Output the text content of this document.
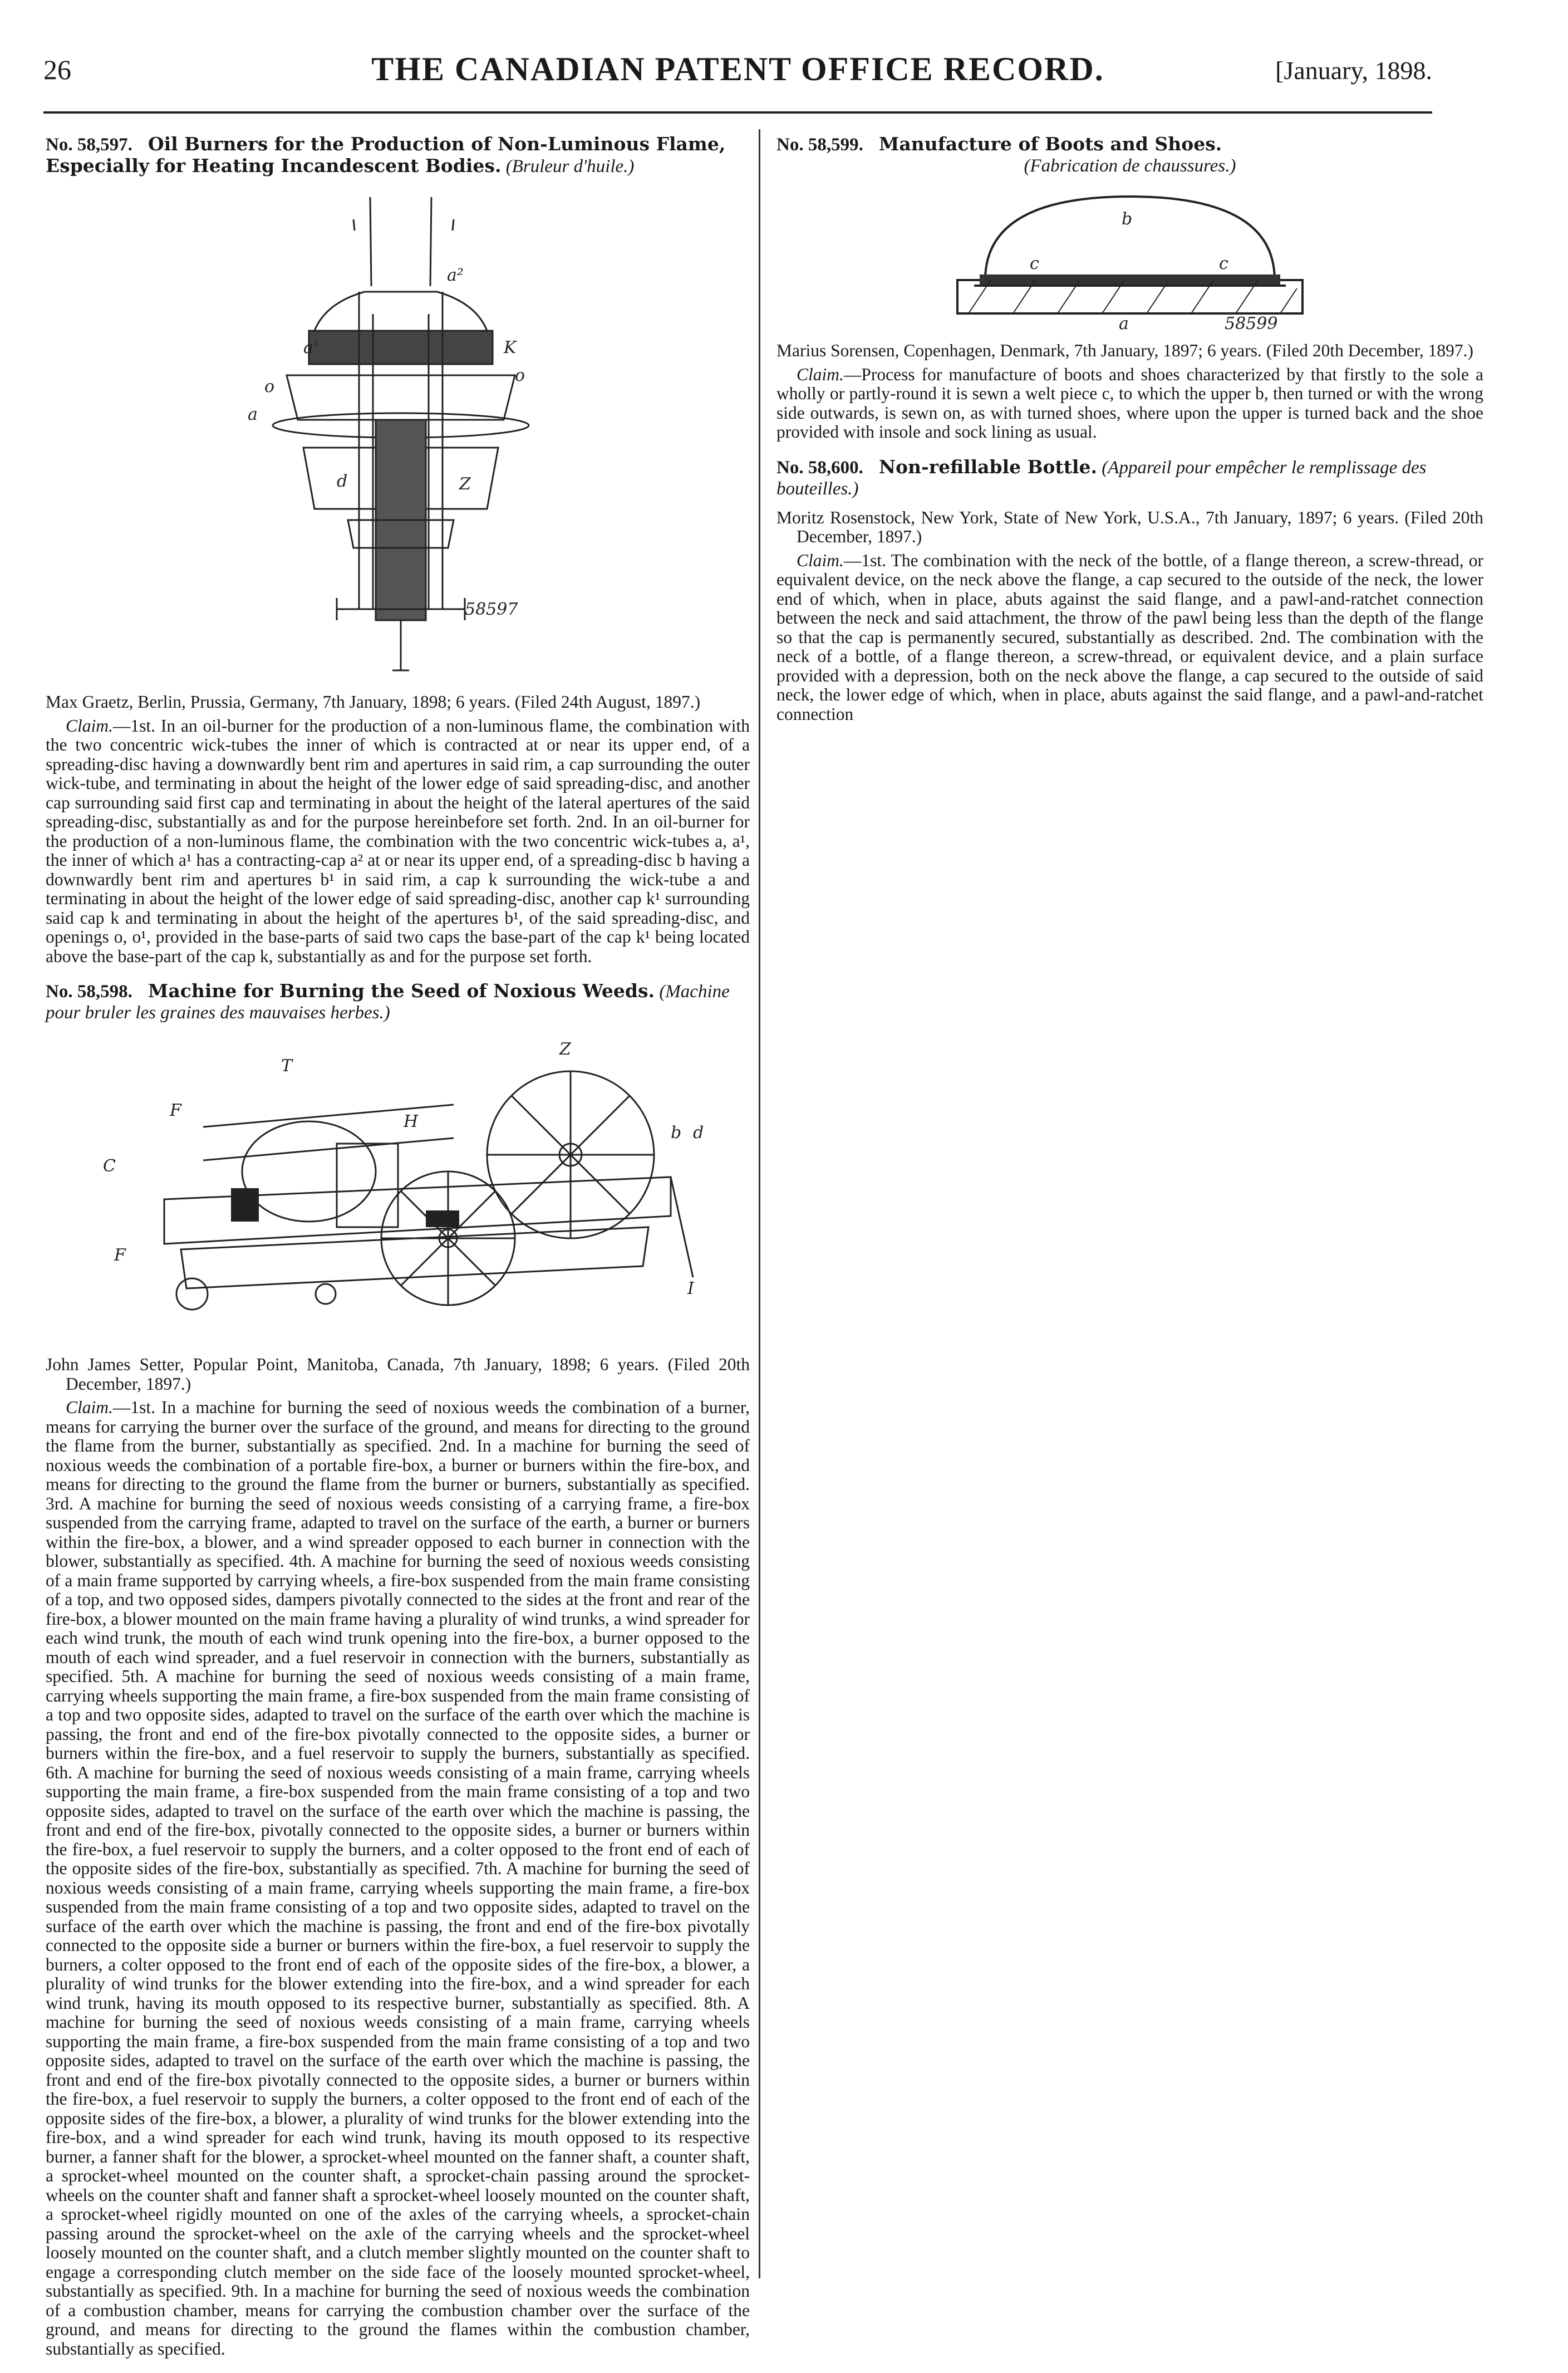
26	THE CANADIAN PATENT OFFICE RECORD.	[January, 1898.
No. 58,597. Oil Burners for the Production of Non-Luminous Flame, Especially for Heating Incandescent Bodies. (Bruleur d'huile.)
a²
K
o
a
d	Z
o
a'
58597
Max Graetz, Berlin, Prussia, Germany, 7th January, 1898; 6 years. (Filed 24th August, 1897.)

Claim.—1st. In an oil-burner for the production of a non-luminous flame, the combination with the two concentric wick-tubes the inner of which is contracted at or near its upper end, of a spreading-disc having a downwardly bent rim and apertures in said rim, a cap surrounding the outer wick-tube, and terminating in about the height of the lower edge of said spreading-disc, and another cap surrounding said first cap and terminating in about the height of the lateral apertures of the said spreading-disc, substantially as and for the purpose hereinbefore set forth. 2nd. In an oil-burner for the production of a non-luminous flame, the combination with the two concentric wick-tubes a, a¹, the inner of which a¹ has a contracting-cap a² at or near its upper end, of a spreading-disc b having a downwardly bent rim and apertures b¹ in said rim, a cap k surrounding the wick-tube a and terminating in about the height of the lower edge of said spreading-disc, another cap k¹ surrounding said cap k and terminating in about the height of the apertures b¹, of the said spreading-disc, and openings o, o¹, provided in the base-parts of said two caps the base-part of the cap k¹ being located above the base-part of the cap k, substantially as and for the purpose set forth.

No. 58,598. Machine for Burning the Seed of Noxious Weeds. (Machine pour bruler les graines des mauvaises herbes.)
T
F
C
Z
b d
F
H
I
John James Setter, Popular Point, Manitoba, Canada, 7th January, 1898; 6 years. (Filed 20th December, 1897.)

Claim.—1st. In a machine for burning the seed of noxious weeds the combination of a burner, means for carrying the burner over the surface of the ground, and means for directing to the ground the flame from the burner, substantially as specified. 2nd. In a machine for burning the seed of noxious weeds the combination of a portable fire-box, a burner or burners within the fire-box, and means for directing to the ground the flame from the burner or burners, substantially as specified. 3rd. A machine for burning the seed of noxious weeds consisting of a carrying frame, a fire-box suspended from the carrying frame, adapted to travel on the surface of the earth, a burner or burners within the fire-box, a blower, and a wind spreader opposed to each burner in connection with the blower, substantially as specified. 4th. A machine for burning the seed of noxious weeds consisting of a main frame supported by carrying wheels, a fire-box suspended from the main frame consisting of a top, and two opposed sides, dampers pivotally connected to the sides at the front and rear of the fire-box, a blower mounted on the main frame having a plurality of wind trunks, a wind spreader for each wind trunk, the mouth of each wind trunk opening into the fire-box, a burner opposed to the mouth of each wind spreader, and a fuel reservoir in connection with the burners, substantially as specified. 5th. A machine for burning the seed of noxious weeds consisting of a main frame, carrying wheels supporting the main frame, a fire-box suspended from the main frame consisting of a top and two opposite sides, adapted to travel on the surface of the earth over which the machine is passing, the front and end of the fire-box pivotally connected to the opposite sides, a burner or burners within the fire-box, and a fuel reservoir to supply the burners, substantially as specified. 6th. A machine for burning the seed of noxious weeds consisting of a main frame, carrying wheels supporting the main frame, a fire-box suspended from the main frame consisting of a top and two opposite sides, adapted to travel on the surface of the earth over which the machine is passing, the front and end of the fire-box, pivotally connected to the opposite sides, a burner or burners within the fire-box, a fuel reservoir to supply the burners, and a colter opposed to the front end of each of the opposite sides of the fire-box, substantially as specified. 7th. A machine for burning the seed of noxious weeds consisting of a main frame, carrying wheels supporting the main frame, a fire-box suspended from the main frame consisting of a top and two opposite sides, adapted to travel on the surface of the earth over which the machine is passing, the front and end of the fire-box pivotally connected to the opposite side a burner or burners within the fire-box, a fuel reservoir to supply the burners, a colter opposed to the front end of each of the opposite sides of the fire-box, a blower, a plurality of wind trunks for the blower extending into the fire-box, and a wind spreader for each wind trunk, having its mouth opposed to its respective burner, substantially as specified. 8th. A machine for burning the seed of noxious weeds consisting of a main frame, carrying wheels supporting the main frame, a fire-box suspended from the main frame consisting of a top and two opposite sides, adapted to travel on the surface of the earth over which the machine is passing, the front and end of the fire-box pivotally connected to the opposite sides, a burner or burners within the fire-box, a fuel reservoir to supply the burners, a colter opposed to the front end of each of the opposite sides of the fire-box, a blower, a plurality of wind trunks for the blower extending into the fire-box, and a wind spreader for each wind trunk, having its mouth opposed to its respective burner, a fanner shaft for the blower, a sprocket-wheel mounted on the fanner shaft, a counter shaft, a sprocket-wheel mounted on the counter shaft, a sprocket-chain passing around the sprocket-wheels on the counter shaft and fanner shaft a sprocket-wheel loosely mounted on the counter shaft, a sprocket-wheel rigidly mounted on one of the axles of the carrying wheels, a sprocket-chain passing around the sprocket-wheel on the axle of the carrying wheels and the sprocket-wheel loosely mounted on the counter shaft, and a clutch member slightly mounted on the counter shaft to engage a corresponding clutch member on the side face of the loosely mounted sprocket-wheel, substantially as specified. 9th. In a machine for burning the seed of noxious weeds the combination of a combustion chamber, means for carrying the combustion chamber over the surface of the ground, and means for directing to the ground the flames within the combustion chamber, substantially as specified.

No. 58,599. Manufacture of Boots and Shoes.
(Fabrication de chaussures.)
b
c	c
a	58599
Marius Sorensen, Copenhagen, Denmark, 7th January, 1897; 6 years. (Filed 20th December, 1897.)

Claim.—Process for manufacture of boots and shoes characterized by that firstly to the sole a wholly or partly-round it is sewn a welt piece c, to which the upper b, then turned or with the wrong side outwards, is sewn on, as with turned shoes, where upon the upper is turned back and the shoe provided with insole and sock lining as usual.

No. 58,600. Non-refillable Bottle. (Appareil pour empêcher le remplissage des bouteilles.)
Moritz Rosenstock, New York, State of New York, U.S.A., 7th January, 1897; 6 years. (Filed 20th December, 1897.)

Claim.—1st. The combination with the neck of the bottle, of a flange thereon, a screw-thread, or equivalent device, on the neck above the flange, a cap secured to the outside of the neck, the lower end of which, when in place, abuts against the said flange, and a pawl-and-ratchet connection between the neck and said attachment, the throw of the pawl being less than the depth of the flange so that the cap is permanently secured, substantially as described. 2nd. The combination with the neck of a bottle, of a flange thereon, a screw-thread, or equivalent device, and a plain surface provided with a depression, both on the neck above the flange, a cap secured to the outside of said neck, the lower edge of which, when in place, abuts against the said flange, and a pawl-and-ratchet connection
